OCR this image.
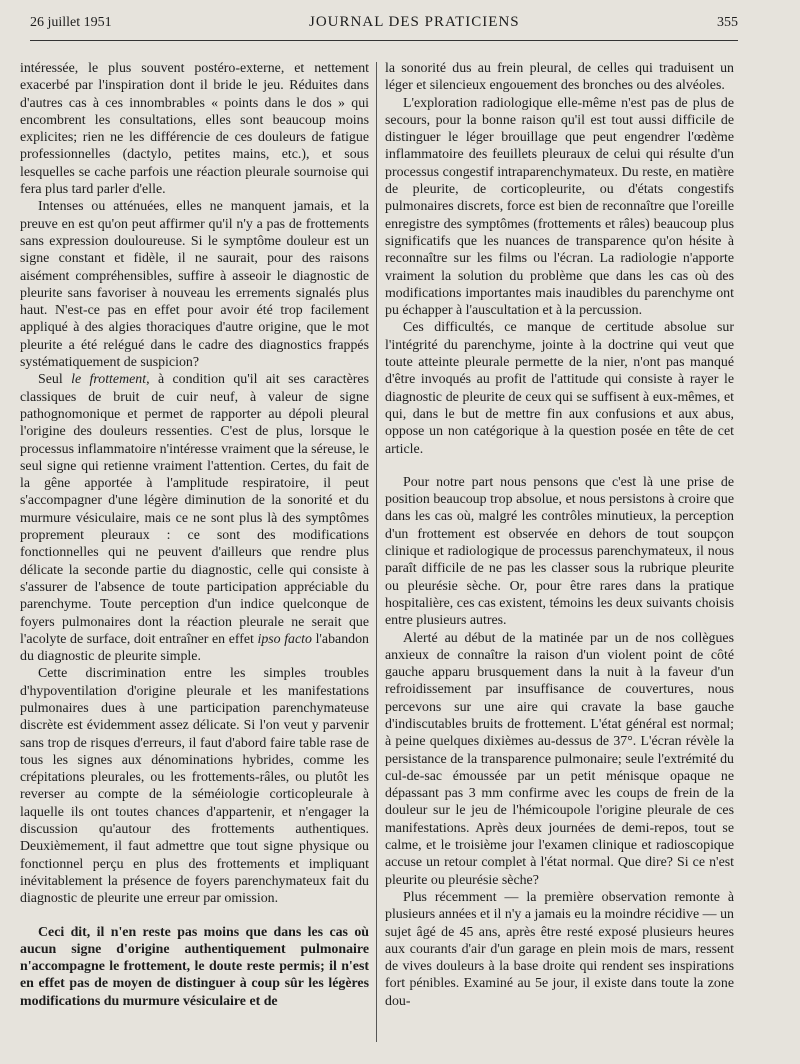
26 juillet 1951	JOURNAL DES PRATICIENS	355

intéressée, le plus souvent postéro-externe, et nettement exacerbé par l'inspiration dont il bride le jeu. Réduites dans d'autres cas à ces innombrables « points dans le dos » qui encombrent les consultations, elles sont beaucoup moins explicites; rien ne les différencie de ces douleurs de fatigue professionnelles (dactylo, petites mains, etc.), et sous lesquelles se cache parfois une réaction pleurale sournoise qui fera plus tard parler d'elle.

Intenses ou atténuées, elles ne manquent jamais, et la preuve en est qu'on peut affirmer qu'il n'y a pas de frottements sans expression douloureuse. Si le symptôme douleur est un signe constant et fidèle, il ne saurait, pour des raisons aisément compréhensibles, suffire à asseoir le diagnostic de pleurite sans favoriser à nouveau les errements signalés plus haut. N'est-ce pas en effet pour avoir été trop facilement appliqué à des algies thoraciques d'autre origine, que le mot pleurite a été relégué dans le cadre des diagnostics frappés systématiquement de suspicion?

Seul le frottement, à condition qu'il ait ses caractères classiques de bruit de cuir neuf, à valeur de signe pathognomonique et permet de rapporter au dépoli pleural l'origine des douleurs ressenties. C'est de plus, lorsque le processus inflammatoire n'intéresse vraiment que la séreuse, le seul signe qui retienne vraiment l'attention. Certes, du fait de la gêne apportée à l'amplitude respiratoire, il peut s'accompagner d'une légère diminution de la sonorité et du murmure vésiculaire, mais ce ne sont plus là des symptômes proprement pleuraux : ce sont des modifications fonctionnelles qui ne peuvent d'ailleurs que rendre plus délicate la seconde partie du diagnostic, celle qui consiste à s'assurer de l'absence de toute participation appréciable du parenchyme. Toute perception d'un indice quelconque de foyers pulmonaires dont la réaction pleurale ne serait que l'acolyte de surface, doit entraîner en effet ipso facto l'abandon du diagnostic de pleurite simple.

Cette discrimination entre les simples troubles d'hypoventilation d'origine pleurale et les manifestations pulmonaires dues à une participation parenchymateuse discrète est évidemment assez délicate. Si l'on veut y parvenir sans trop de risques d'erreurs, il faut d'abord faire table rase de tous les signes aux dénominations hybrides, comme les crépitations pleurales, ou les frottements-râles, ou plutôt les reverser au compte de la séméiologie corticopleurale à laquelle ils ont toutes chances d'appartenir, et n'engager la discussion qu'autour des frottements authentiques. Deuxièmement, il faut admettre que tout signe physique ou fonctionnel perçu en plus des frottements et impliquant inévitablement la présence de foyers parenchymateux fait du diagnostic de pleurite une erreur par omission.

Ceci dit, il n'en reste pas moins que dans les cas où aucun signe d'origine authentiquement pulmonaire n'accompagne le frottement, le doute reste permis; il n'est en effet pas de moyen de distinguer à coup sûr les légères modifications du murmure vésiculaire et de

la sonorité dus au frein pleural, de celles qui traduisent un léger et silencieux engouement des bronches ou des alvéoles.

L'exploration radiologique elle-même n'est pas de plus de secours, pour la bonne raison qu'il est tout aussi difficile de distinguer le léger brouillage que peut engendrer l'œdème inflammatoire des feuillets pleuraux de celui qui résulte d'un processus congestif intraparenchymateux. Du reste, en matière de pleurite, de corticopleurite, ou d'états congestifs pulmonaires discrets, force est bien de reconnaître que l'oreille enregistre des symptômes (frottements et râles) beaucoup plus significatifs que les nuances de transparence qu'on hésite à reconnaître sur les films ou l'écran. La radiologie n'apporte vraiment la solution du problème que dans les cas où des modifications importantes mais inaudibles du parenchyme ont pu échapper à l'auscultation et à la percussion.

Ces difficultés, ce manque de certitude absolue sur l'intégrité du parenchyme, jointe à la doctrine qui veut que toute atteinte pleurale permette de la nier, n'ont pas manqué d'être invoqués au profit de l'attitude qui consiste à rayer le diagnostic de pleurite de ceux qui se suffisent à eux-mêmes, et qui, dans le but de mettre fin aux confusions et aux abus, oppose un non catégorique à la question posée en tête de cet article.

Pour notre part nous pensons que c'est là une prise de position beaucoup trop absolue, et nous persistons à croire que dans les cas où, malgré les contrôles minutieux, la perception d'un frottement est observée en dehors de tout soupçon clinique et radiologique de processus parenchymateux, il nous paraît difficile de ne pas les classer sous la rubrique pleurite ou pleurésie sèche. Or, pour être rares dans la pratique hospitalière, ces cas existent, témoins les deux suivants choisis entre plusieurs autres.

Alerté au début de la matinée par un de nos collègues anxieux de connaître la raison d'un violent point de côté gauche apparu brusquement dans la nuit à la faveur d'un refroidissement par insuffisance de couvertures, nous percevons sur une aire qui cravate la base gauche d'indiscutables bruits de frottement. L'état général est normal; à peine quelques dixièmes au-dessus de 37°. L'écran révèle la persistance de la transparence pulmonaire; seule l'extrémité du cul-de-sac émoussée par un petit ménisque opaque ne dépassant pas 3 mm confirme avec les coups de frein de la douleur sur le jeu de l'hémicoupole l'origine pleurale de ces manifestations. Après deux journées de demi-repos, tout se calme, et le troisième jour l'examen clinique et radioscopique accuse un retour complet à l'état normal. Que dire? Si ce n'est pleurite ou pleurésie sèche?

Plus récemment — la première observation remonte à plusieurs années et il n'y a jamais eu la moindre récidive — un sujet âgé de 45 ans, après être resté exposé plusieurs heures aux courants d'air d'un garage en plein mois de mars, ressent de vives douleurs à la base droite qui rendent ses inspirations fort pénibles. Examiné au 5e jour, il existe dans toute la zone dou-
